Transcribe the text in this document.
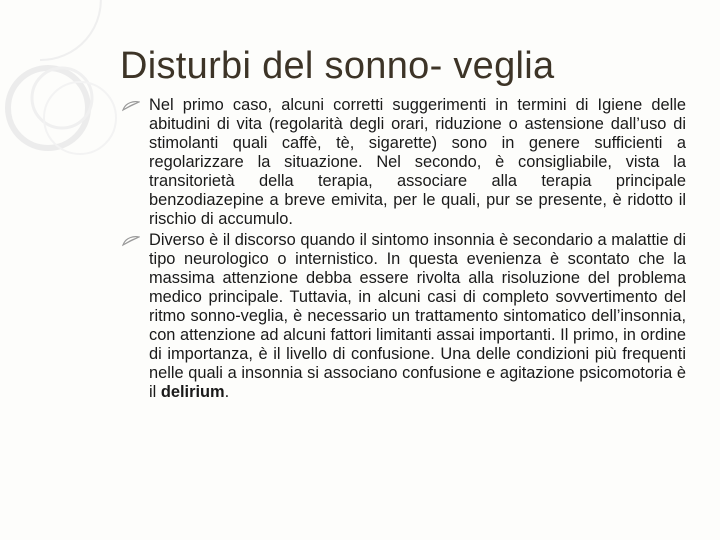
Disturbi del sonno- veglia
Nel primo caso, alcuni corretti suggerimenti in termini di Igiene delle abitudini di vita (regolarità degli orari, riduzione o astensione dall’uso di stimolanti quali caffè, tè, sigarette) sono in genere sufficienti a regolarizzare la situazione. Nel secondo, è consigliabile, vista la transitorietà della terapia, associare alla terapia principale benzodiazepine a breve emivita, per le quali, pur se presente, è ridotto il rischio di accumulo.
Diverso è il discorso quando il sintomo insonnia è secondario a malattie di tipo neurologico o internistico. In questa evenienza è scontato che la massima attenzione debba essere rivolta alla risoluzione del problema medico principale. Tuttavia, in alcuni casi di completo sovvertimento del ritmo sonno-veglia, è necessario un trattamento sintomatico dell’insonnia, con attenzione ad alcuni fattori limitanti assai importanti. Il primo, in ordine di importanza, è il livello di confusione. Una delle condizioni più frequenti nelle quali a insonnia si associano confusione e agitazione psicomotoria è il delirium.
